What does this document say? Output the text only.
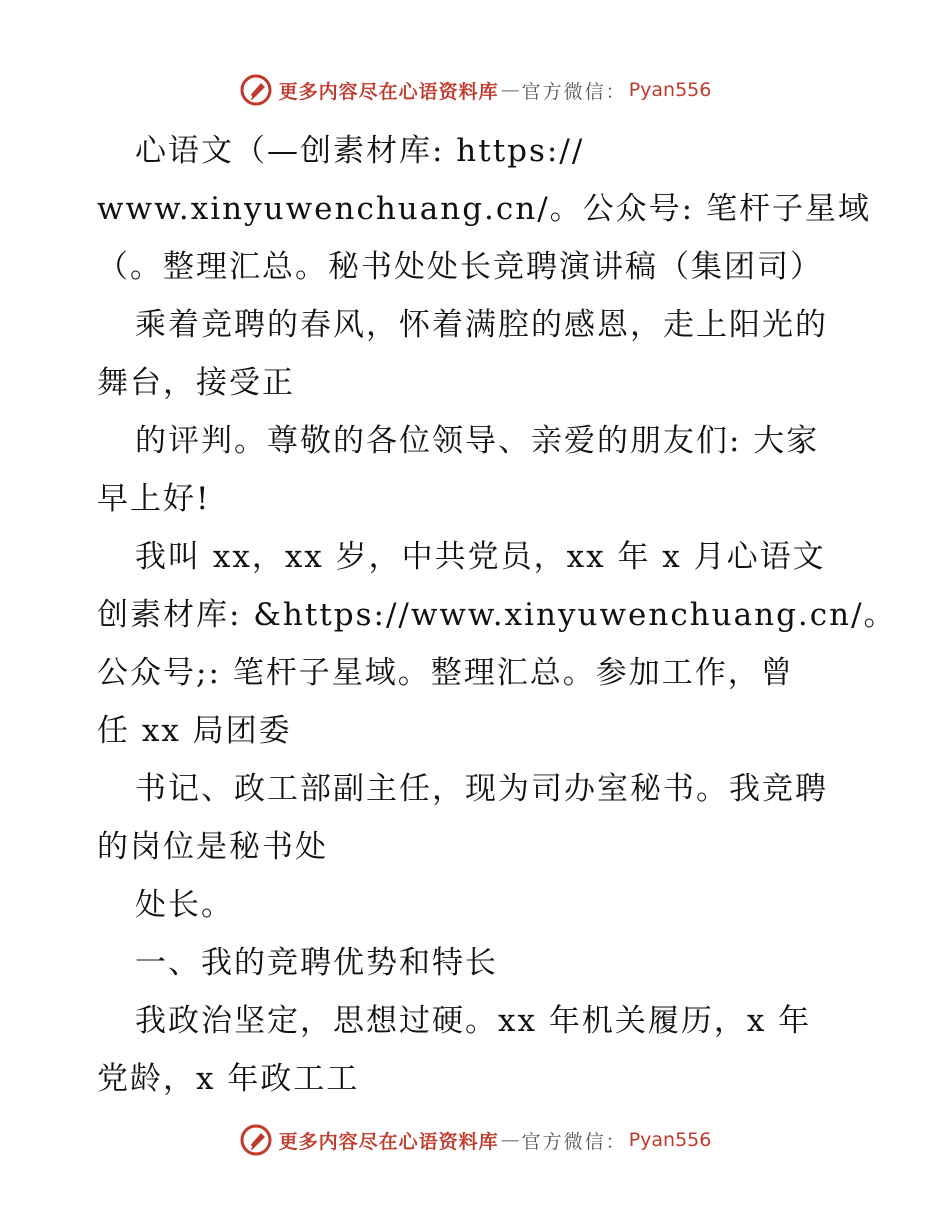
更多内容尽在心语资料库 — 官方微信： Pyan556
心语文（—创素材库: https://
www.xinyuwenchuang.cn/。公众号: 笔杆子星域
（。整理汇总。秘书处处长竞聘演讲稿（集团司）
乘着竞聘的春风，怀着满腔的感恩，走上阳光的
舞台，接受正
的评判。尊敬的各位领导、亲爱的朋友们: 大家
早上好!
我叫 xx，xx 岁，中共党员，xx 年 x 月心语文
创素材库: &https://www.xinyuwenchuang.cn/。
公众号;: 笔杆子星域。整理汇总。参加工作，曾
任 xx 局团委
书记、政工部副主任，现为司办室秘书。我竞聘
的岗位是秘书处
处长。
一、我的竞聘优势和特长
我政治坚定，思想过硬。xx 年机关履历，x 年
党龄，x 年政工工
更多内容尽在心语资料库 — 官方微信： Pyan556
